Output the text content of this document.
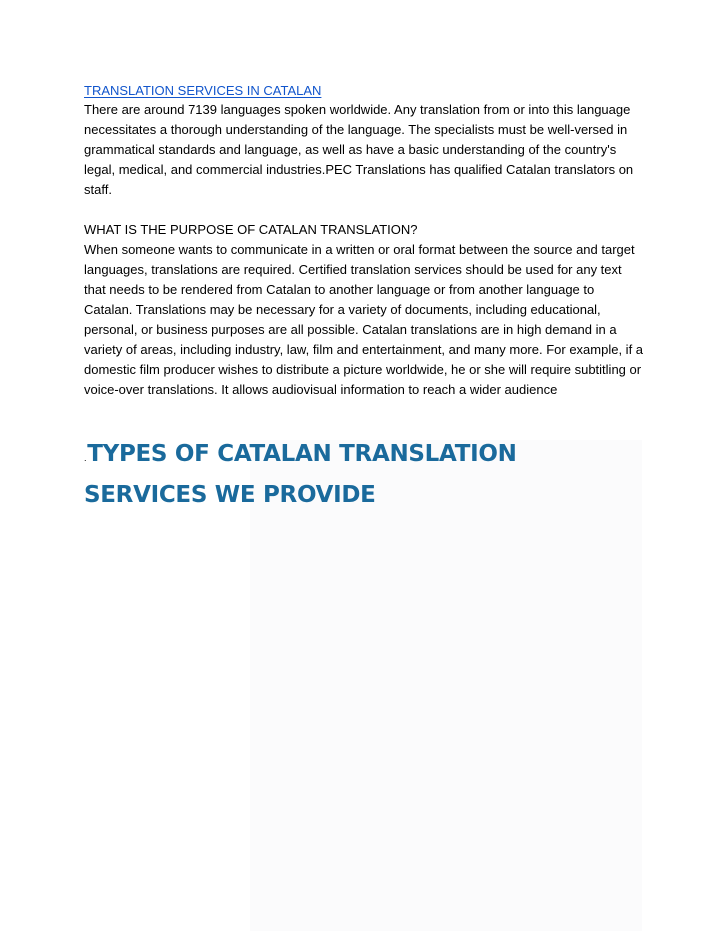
TRANSLATION SERVICES IN CATALAN

There are around 7139 languages spoken worldwide. Any translation from or into this language necessitates a thorough understanding of the language. The specialists must be well-versed in grammatical standards and language, as well as have a basic understanding of the country's legal, medical, and commercial industries.PEC Translations has qualified Catalan translators on staff.

WHAT IS THE PURPOSE OF CATALAN TRANSLATION?

When someone wants to communicate in a written or oral format between the source and target languages, translations are required. Certified translation services should be used for any text that needs to be rendered from Catalan to another language or from another language to Catalan. Translations may be necessary for a variety of documents, including educational, personal, or business purposes are all possible. Catalan translations are in high demand in a variety of areas, including industry, law, film and entertainment, and many more. For example, if a domestic film producer wishes to distribute a picture worldwide, he or she will require subtitling or voice-over translations. It allows audiovisual information to reach a wider audience

.TYPES OF CATALAN TRANSLATION SERVICES WE PROVIDE
